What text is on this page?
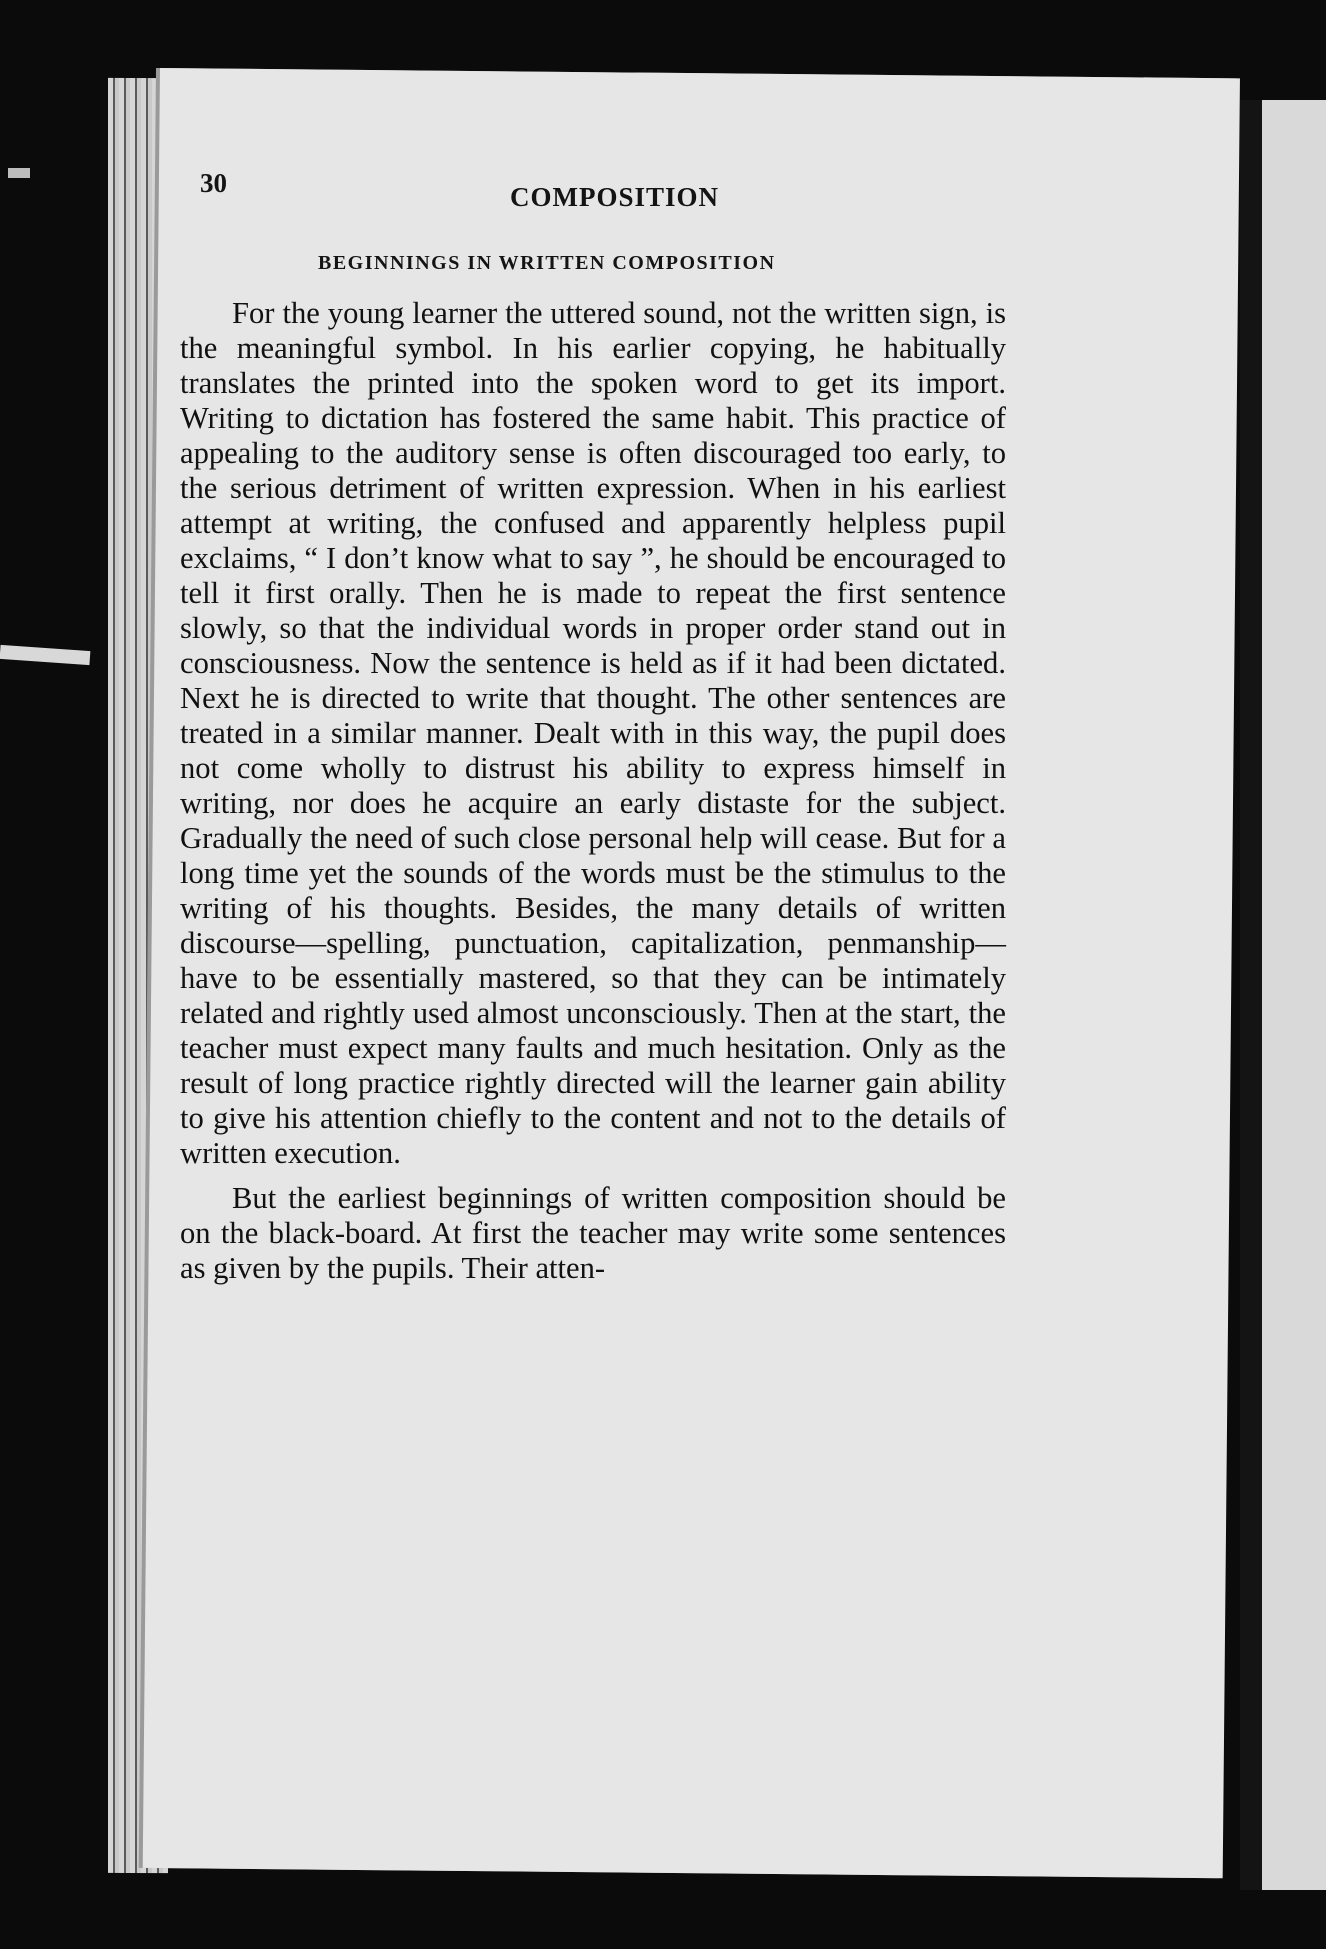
30	COMPOSITION
BEGINNINGS IN WRITTEN COMPOSITION

For the young learner the uttered sound, not the written sign, is the meaningful symbol. In his earlier copying, he habitually translates the printed into the spoken word to get its import. Writing to dictation has fostered the same habit. This practice of appealing to the auditory sense is often discouraged too early, to the serious detriment of written expression. When in his earliest attempt at writing, the confused and apparently helpless pupil exclaims, “ I don’t know what to say ”, he should be encouraged to tell it first orally. Then he is made to repeat the first sentence slowly, so that the individual words in proper order stand out in consciousness. Now the sentence is held as if it had been dictated. Next he is directed to write that thought. The other sentences are treated in a similar manner. Dealt with in this way, the pupil does not come wholly to distrust his ability to express himself in writing, nor does he acquire an early distaste for the subject. Gradually the need of such close personal help will cease. But for a long time yet the sounds of the words must be the stimulus to the writing of his thoughts. Besides, the many details of written discourse—spelling, punctuation, capitalization, penmanship—have to be essentially mastered, so that they can be intimately related and rightly used almost unconsciously. Then at the start, the teacher must expect many faults and much hesitation. Only as the result of long practice rightly directed will the learner gain ability to give his attention chiefly to the content and not to the details of written execution.

But the earliest beginnings of written composition should be on the black-board. At first the teacher may write some sentences as given by the pupils. Their atten-
